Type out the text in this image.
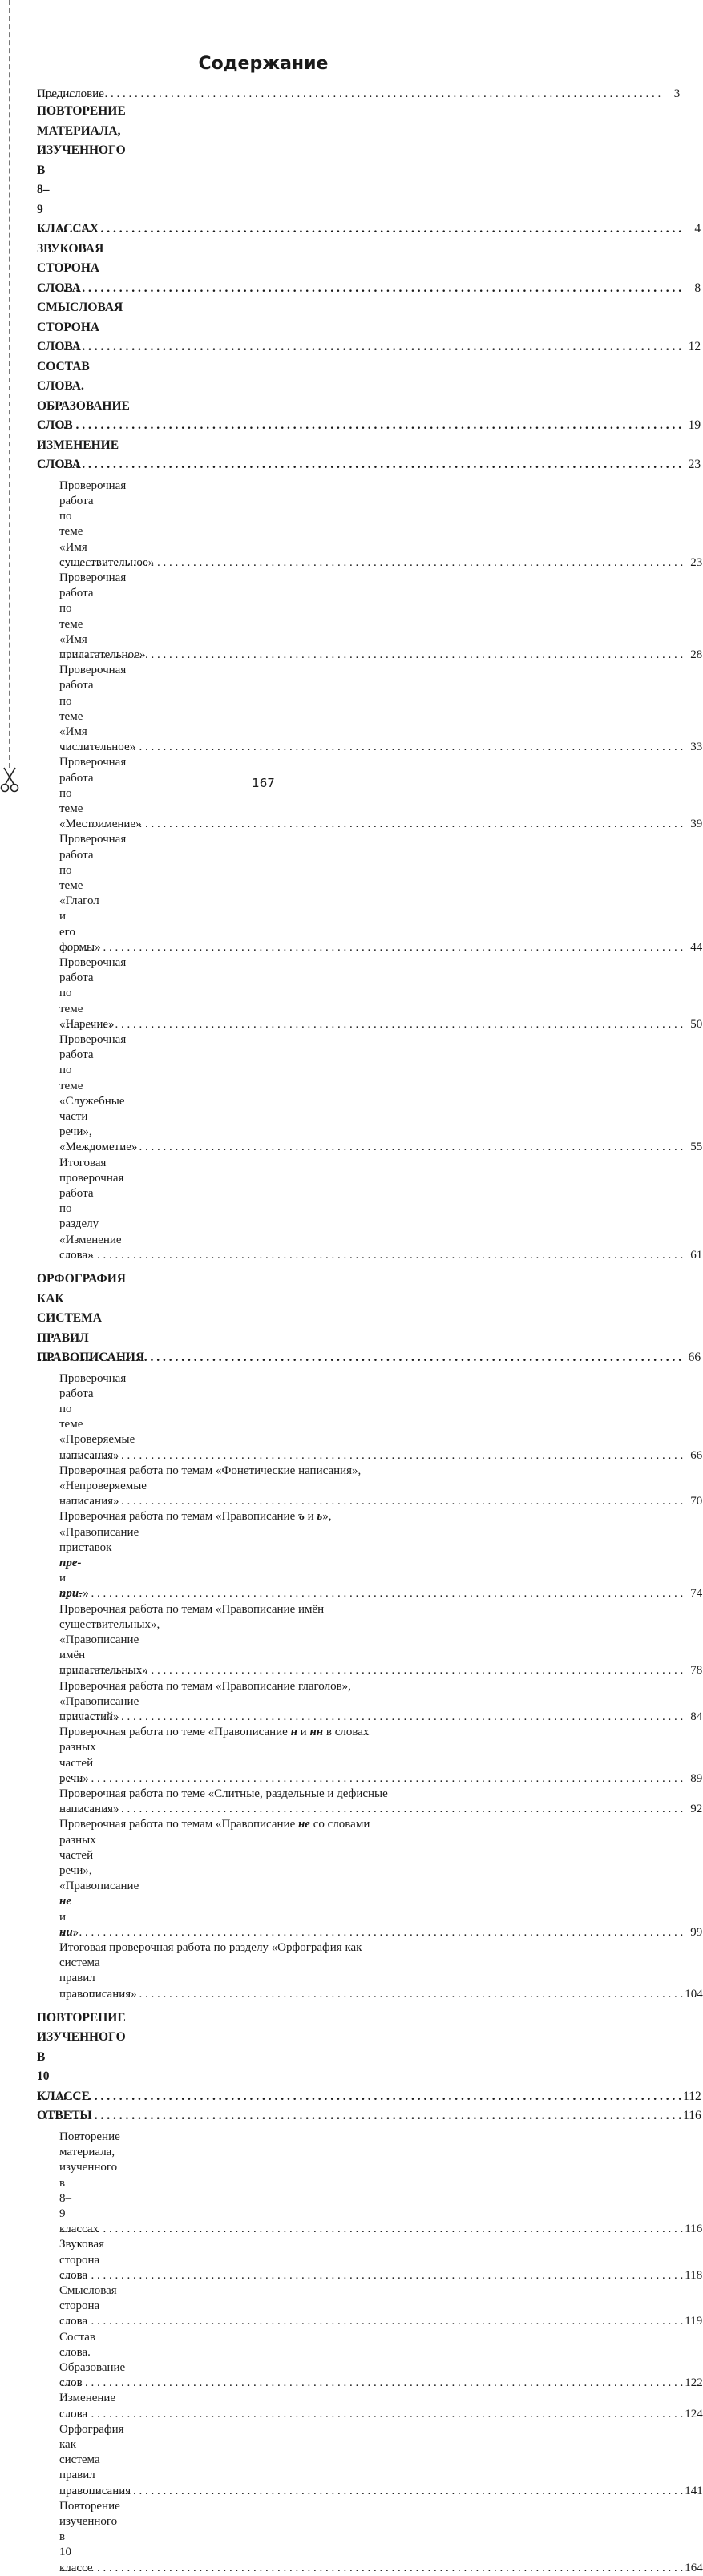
Содержание
Предисловие . . .	3
ПОВТОРЕНИЕ МАТЕРИАЛА, ИЗУЧЕННОГО В 8–9 КЛАССАХ . . .	4
ЗВУКОВАЯ СТОРОНА СЛОВА . . .	8
СМЫСЛОВАЯ СТОРОНА СЛОВА . . .	12
СОСТАВ СЛОВА. ОБРАЗОВАНИЕ СЛОВ . . .	19
ИЗМЕНЕНИЕ СЛОВА . . .	23
Проверочная работа по теме «Имя существительное» . . .	23
Проверочная работа по теме «Имя прилагательное» . . .	28
Проверочная работа по теме «Имя числительное» . . .	33
Проверочная работа по теме «Местоимение» . . .	39
Проверочная работа по теме «Глагол и его формы» . . .	44
Проверочная работа по теме «Наречие» . . .	50
Проверочная работа по теме «Служебные части речи», «Междометие» . . .	55
Итоговая проверочная работа по разделу «Изменение слова» . . .	61
ОРФОГРАФИЯ КАК СИСТЕМА ПРАВИЛ ПРАВОПИСАНИЯ . . .	66
Проверочная работа по теме «Проверяемые написания» . . .	66
Проверочная работа по темам «Фонетические написания»,
«Непроверяемые написания» . . .	70
Проверочная работа по темам «Правописание ъ и ь»,
«Правописание приставок пре- и при-» . . .	74
Проверочная работа по темам «Правописание имён
существительных», «Правописание имён прилагательных» . . .	78
Проверочная работа по темам «Правописание глаголов»,
«Правописание причастий» . . .	84
Проверочная работа по теме «Правописание н и нн в словах
разных частей речи» . . .	89
Проверочная работа по теме «Слитные, раздельные и дефисные
написания» . . .	92
Проверочная работа по темам «Правописание не со словами
разных частей речи», «Правописание не и ни» . . .	99
Итоговая проверочная работа по разделу «Орфография как
система правил правописания» . . .	104
ПОВТОРЕНИЕ ИЗУЧЕННОГО В 10 КЛАССЕ . . .	112
ОТВЕТЫ . . .	116
Повторение материала, изученного в 8–9 классах . . .	116
Звуковая сторона слова . . .	118
Смысловая сторона слова . . .	119
Состав слова. Образование слов . . .	122
Изменение слова . . .	124
Орфография как система правил правописания . . .	141
Повторение изученного в 10 классе . . .	164
167
